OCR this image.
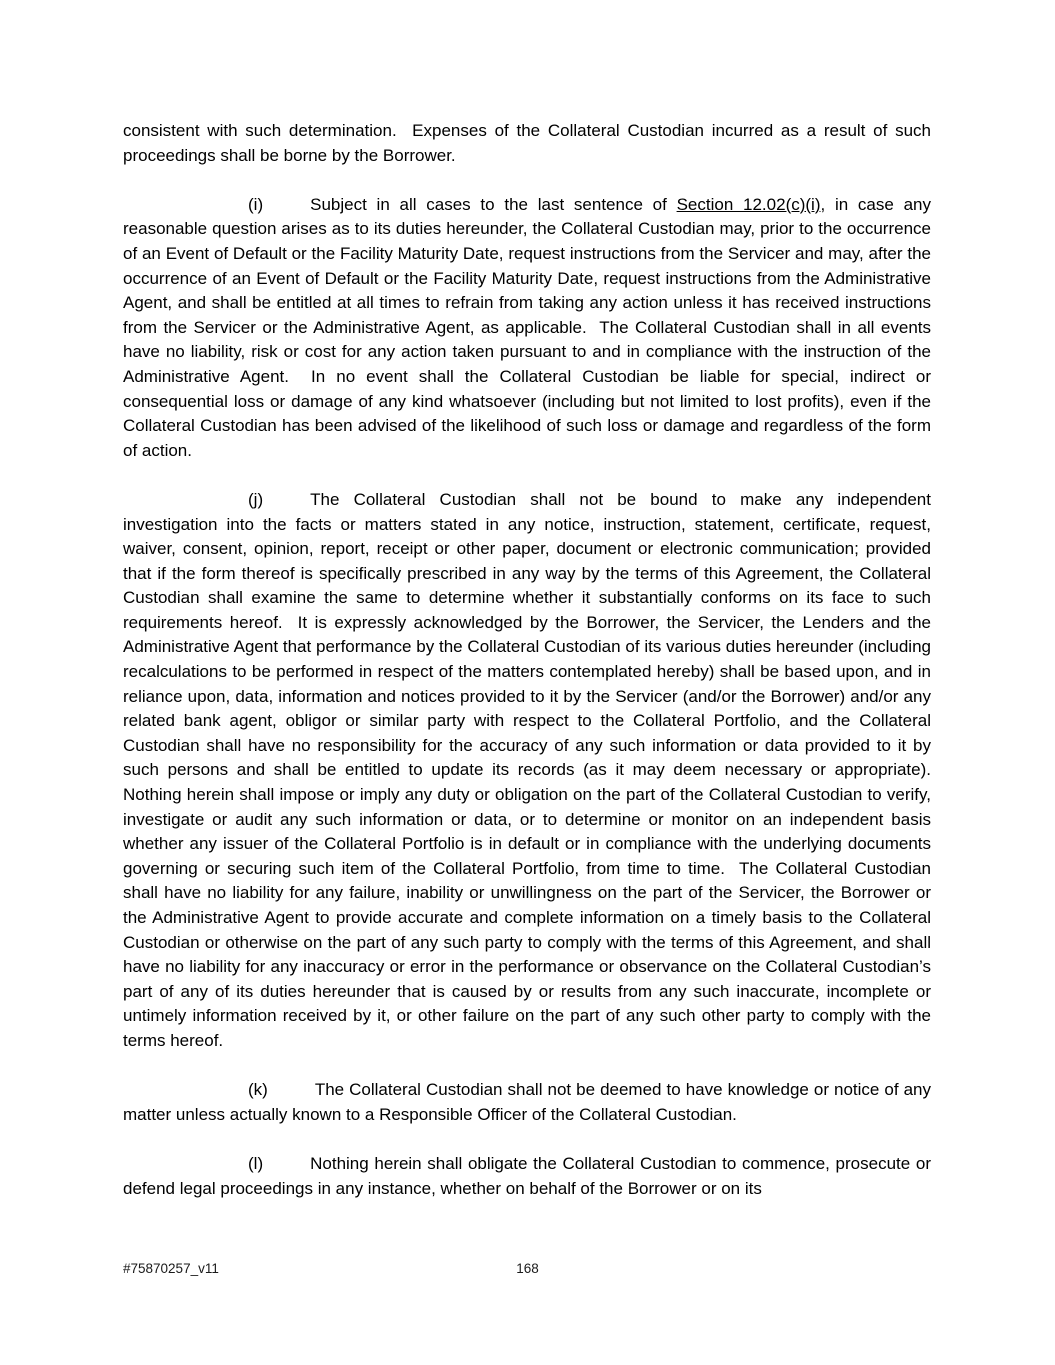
consistent with such determination.  Expenses of the Collateral Custodian incurred as a result of such proceedings shall be borne by the Borrower.

(i)	Subject in all cases to the last sentence of Section 12.02(c)(i), in case any reasonable question arises as to its duties hereunder, the Collateral Custodian may, prior to the occurrence of an Event of Default or the Facility Maturity Date, request instructions from the Servicer and may, after the occurrence of an Event of Default or the Facility Maturity Date, request instructions from the Administrative Agent, and shall be entitled at all times to refrain from taking any action unless it has received instructions from the Servicer or the Administrative Agent, as applicable.  The Collateral Custodian shall in all events have no liability, risk or cost for any action taken pursuant to and in compliance with the instruction of the Administrative Agent.  In no event shall the Collateral Custodian be liable for special, indirect or consequential loss or damage of any kind whatsoever (including but not limited to lost profits), even if the Collateral Custodian has been advised of the likelihood of such loss or damage and regardless of the form of action.

(j)	The Collateral Custodian shall not be bound to make any independent investigation into the facts or matters stated in any notice, instruction, statement, certificate, request, waiver, consent, opinion, report, receipt or other paper, document or electronic communication; provided that if the form thereof is specifically prescribed in any way by the terms of this Agreement, the Collateral Custodian shall examine the same to determine whether it substantially conforms on its face to such requirements hereof.  It is expressly acknowledged by the Borrower, the Servicer, the Lenders and the Administrative Agent that performance by the Collateral Custodian of its various duties hereunder (including recalculations to be performed in respect of the matters contemplated hereby) shall be based upon, and in reliance upon, data, information and notices provided to it by the Servicer (and/or the Borrower) and/or any related bank agent, obligor or similar party with respect to the Collateral Portfolio, and the Collateral Custodian shall have no responsibility for the accuracy of any such information or data provided to it by such persons and shall be entitled to update its records (as it may deem necessary or appropriate).  Nothing herein shall impose or imply any duty or obligation on the part of the Collateral Custodian to verify, investigate or audit any such information or data, or to determine or monitor on an independent basis whether any issuer of the Collateral Portfolio is in default or in compliance with the underlying documents governing or securing such item of the Collateral Portfolio, from time to time.  The Collateral Custodian shall have no liability for any failure, inability or unwillingness on the part of the Servicer, the Borrower or the Administrative Agent to provide accurate and complete information on a timely basis to the Collateral Custodian or otherwise on the part of any such party to comply with the terms of this Agreement, and shall have no liability for any inaccuracy or error in the performance or observance on the Collateral Custodian’s part of any of its duties hereunder that is caused by or results from any such inaccurate, incomplete or untimely information received by it, or other failure on the part of any such other party to comply with the terms hereof.

(k)	The Collateral Custodian shall not be deemed to have knowledge or notice of any matter unless actually known to a Responsible Officer of the Collateral Custodian.

(l)	Nothing herein shall obligate the Collateral Custodian to commence, prosecute or defend legal proceedings in any instance, whether on behalf of the Borrower or on its

#75870257_v11	168
